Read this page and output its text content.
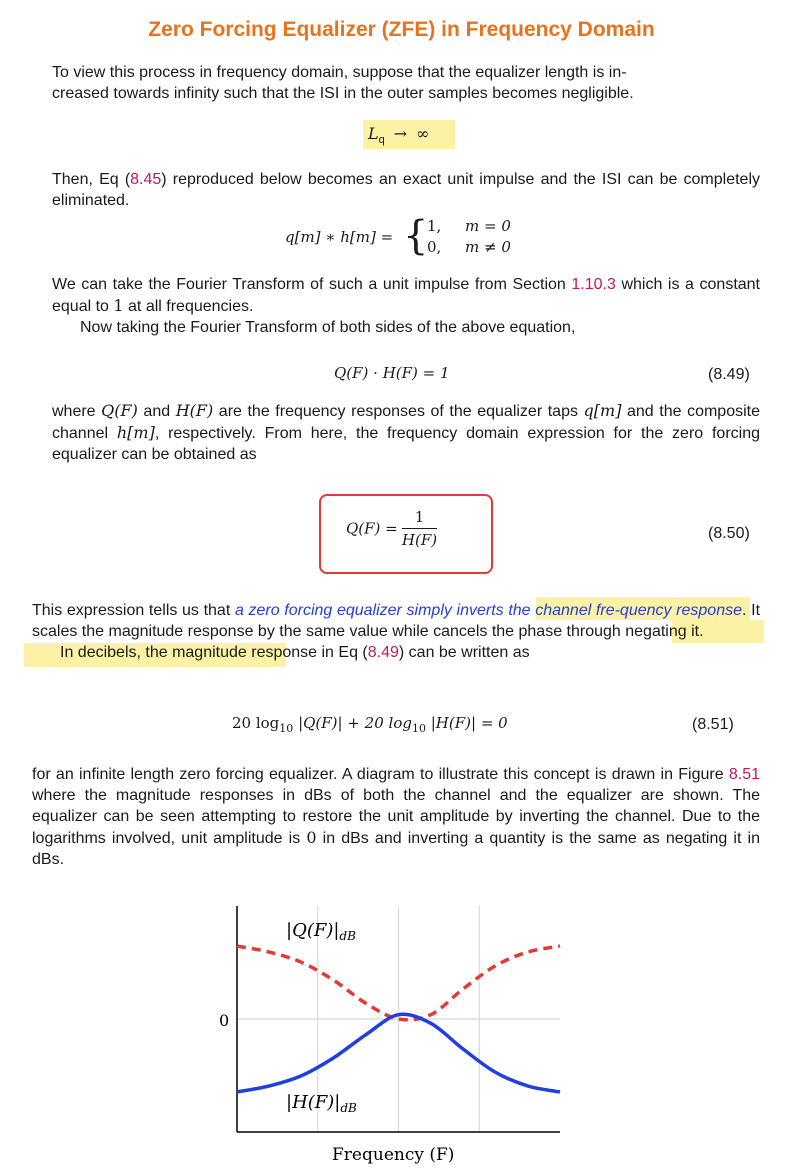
Zero Forcing Equalizer (ZFE) in Frequency Domain
To view this process in frequency domain, suppose that the equalizer length is in-
creased towards infinity such that the ISI in the outer samples becomes negligible.
$L_q$ → ∞
Then, Eq (8.45) reproduced below becomes an exact unit impulse and the ISI can be completely eliminated.
q[m] ∗ h[m] = {
1, m = 0
0, m ≠ 0
We can take the Fourier Transform of such a unit impulse from Section 1.10.3 which is a constant equal to 1 at all frequencies.
Now taking the Fourier Transform of both sides of the above equation,
Q(F) · H(F) = 1	(8.49)
where Q(F) and H(F) are the frequency responses of the equalizer taps q[m] and the composite channel h[m], respectively. From here, the frequency domain expression for the zero forcing equalizer can be obtained as
$Q(F) = \frac{1}{H(F)}$	(8.50)
This expression tells us that a zero forcing equalizer simply inverts the channel fre-quency response. It scales the magnitude response by the same value while cancels the phase through negating it.
In decibels, the magnitude response in Eq (8.49) can be written as
20 $\log_{10} |Q(F)| + 20$ $\log_{10} |H(F)| = 0$	(8.51)
for an infinite length zero forcing equalizer. A diagram to illustrate this concept is drawn in Figure 8.51 where the magnitude responses in dBs of both the channel and the equalizer are shown. The equalizer can be seen attempting to restore the unit amplitude by inverting the channel. Due to the logarithms involved, unit amplitude is 0 in dBs and inverting a quantity is the same as negating it in dBs.
0
$|Q(F)|_{dB}$
$|H(F)|_{dB}$
Frequency (F)
